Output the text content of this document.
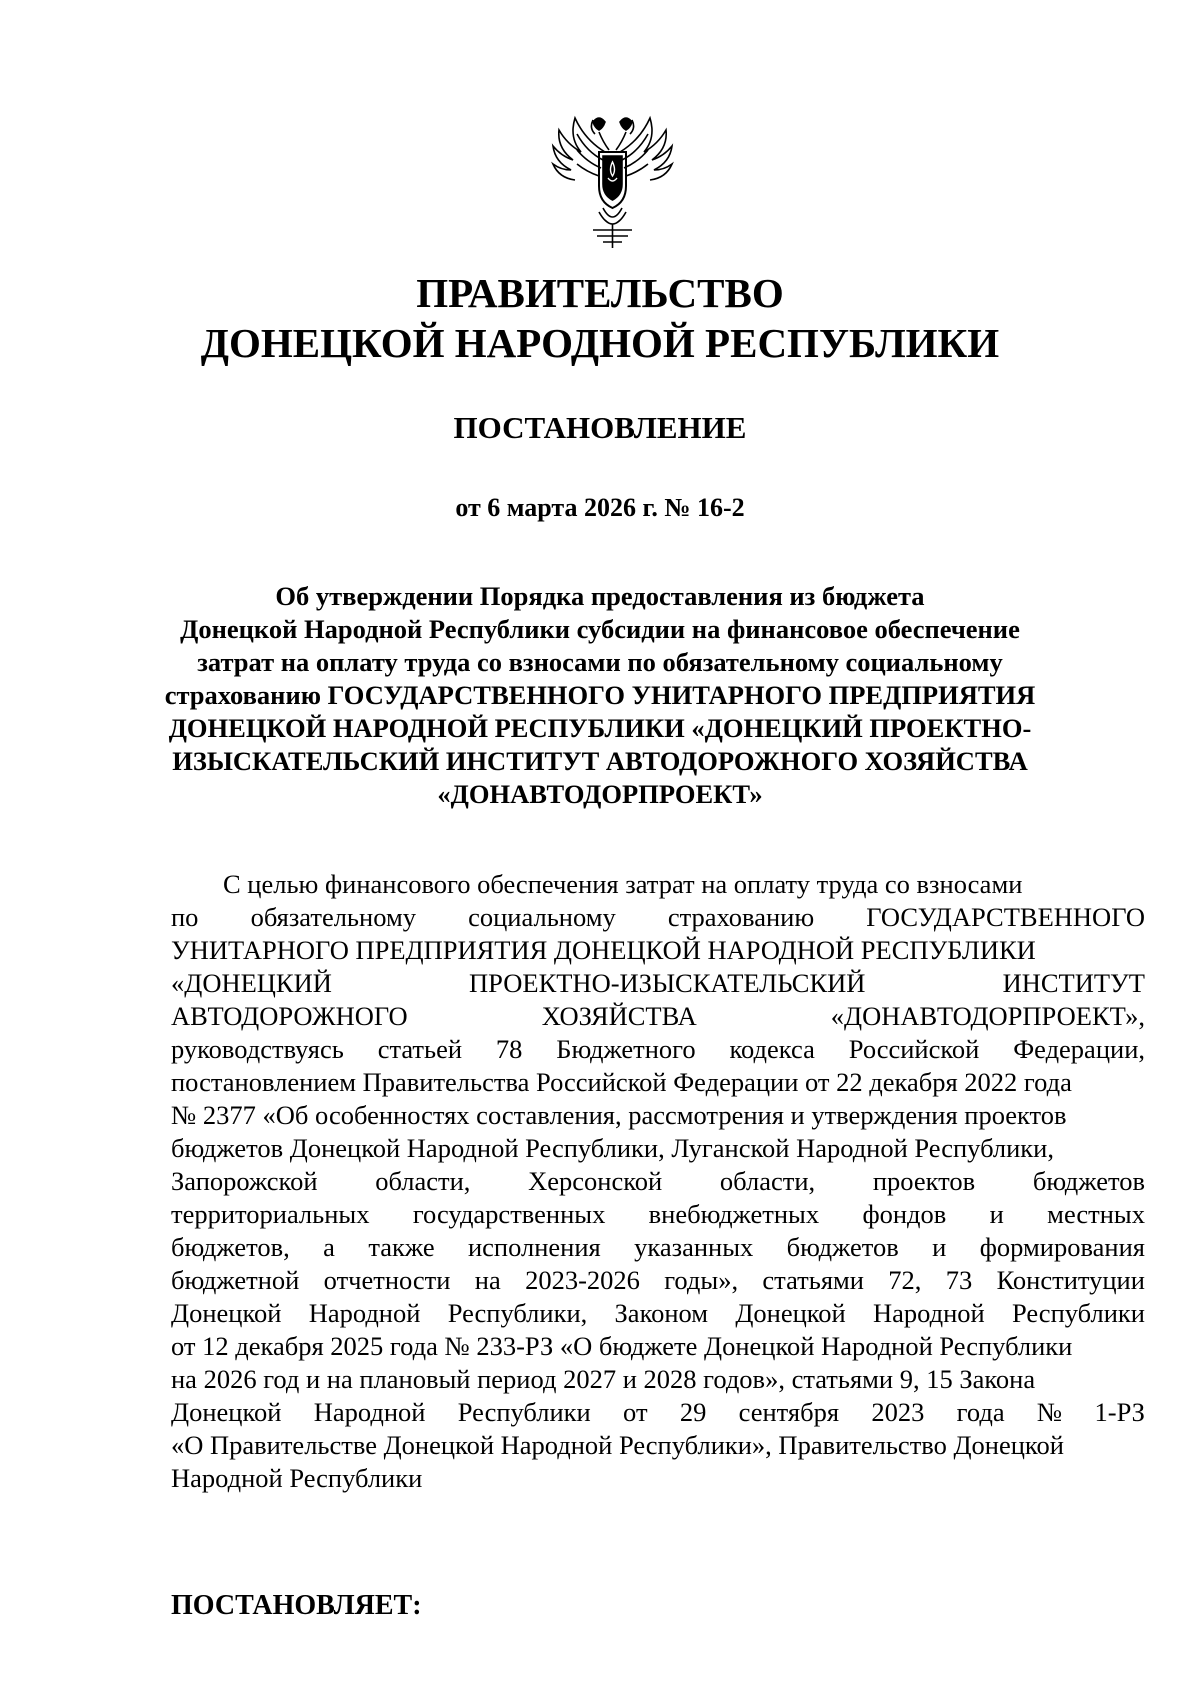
ПРАВИТЕЛЬСТВО
ДОНЕЦКОЙ НАРОДНОЙ РЕСПУБЛИКИ
ПОСТАНОВЛЕНИЕ

от 6 марта 2026 г. № 16-2

Об утверждении Порядка предоставления из бюджета
Донецкой Народной Республики субсидии на финансовое обеспечение
затрат на оплату труда со взносами по обязательному социальному
страхованию ГОСУДАРСТВЕННОГО УНИТАРНОГО ПРЕДПРИЯТИЯ
ДОНЕЦКОЙ НАРОДНОЙ РЕСПУБЛИКИ «ДОНЕЦКИЙ ПРОЕКТНО-
ИЗЫСКАТЕЛЬСКИЙ ИНСТИТУТ АВТОДОРОЖНОГО ХОЗЯЙСТВА
«ДОНАВТОДОРПРОЕКТ»

С целью финансового обеспечения затрат на оплату труда со взносами
по обязательному социальному страхованию ГОСУДАРСТВЕННОГО
УНИТАРНОГО ПРЕДПРИЯТИЯ ДОНЕЦКОЙ НАРОДНОЙ РЕСПУБЛИКИ
«ДОНЕЦКИЙ	ПРОЕКТНО-ИЗЫСКАТЕЛЬСКИЙ	ИНСТИТУТ
АВТОДОРОЖНОГО	ХОЗЯЙСТВА	«ДОНАВТОДОРПРОЕКТ»,
руководствуясь статьей 78 Бюджетного кодекса Российской Федерации,
постановлением Правительства Российской Федерации от 22 декабря 2022 года
№ 2377 «Об особенностях составления, рассмотрения и утверждения проектов
бюджетов Донецкой Народной Республики, Луганской Народной Республики,
Запорожской области, Херсонской области, проектов бюджетов
территориальных государственных внебюджетных фондов и местных
бюджетов, а также исполнения указанных бюджетов и формирования
бюджетной отчетности на 2023-2026 годы», статьями 72, 73 Конституции
Донецкой Народной Республики, Законом Донецкой Народной Республики
от 12 декабря 2025 года № 233-РЗ «О бюджете Донецкой Народной Республики
на 2026 год и на плановый период 2027 и 2028 годов», статьями 9, 15 Закона
Донецкой Народной Республики от 29 сентября 2023 года № 1-РЗ
«О Правительстве Донецкой Народной Республики», Правительство Донецкой
Народной Республики

ПОСТАНОВЛЯЕТ:
